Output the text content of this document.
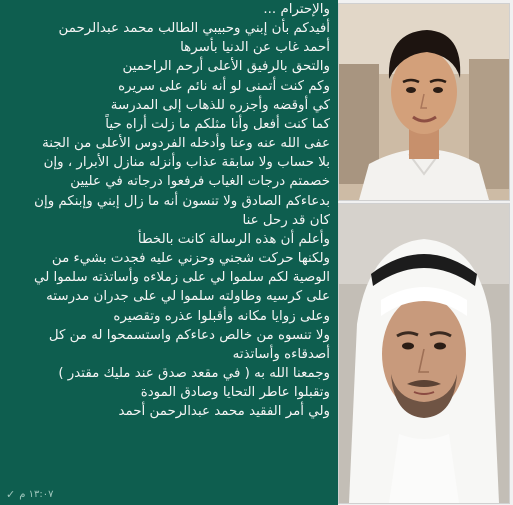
والإحترام ...
أفيدكم بأن إبني وحبيبي الطالب محمد عبدالرحمن
أحمد غاب عن الدنيا بأسرها
والتحق بالرفيق الأعلى أرحم الراحمين
وكم كنت أتمنى لو أنه نائم على سريره
كي أوقضه وأجزره للذهاب إلى المدرسة
كما كنت أفعل وأنا مثلكم ما زلت أراه حياً
عفى الله عنه وعنا وأدخله الفردوس الأعلى من الجنة
بلا حساب ولا سابقة عذاب وأنزله منازل الأبرار ، وإن
خصمتم درجات الغياب فرفعوا درجاته في عليين
بدعاءكم الصادق ولا تنسون أنه ما زال إبني وإبنكم وإن
كان قد رحل عنا
وأعلم أن هذه الرسالة كانت بالخطأ
ولكنها حركت شجني وحزني عليه فجدت بشيء من
الوصية لكم سلموا لي على زملاءه وأساتذته سلموا لي
على كرسيه وطاولته سلموا لي على جدران مدرسته
وعلى زوايا مكانه وأقبلوا عذره وتقصيره
ولا تنسوه من خالص دعاءكم واستسمحوا له من كل
أصدقاءه وأساتذته
وجمعنا الله به ( في مقعد صدق عند مليك مقتدر )
وتقبلوا عاطر التحايا وصادق المودة
ولي أمر الفقيد محمد عبدالرحمن أحمد
✓ ١٣:٠٧ م
